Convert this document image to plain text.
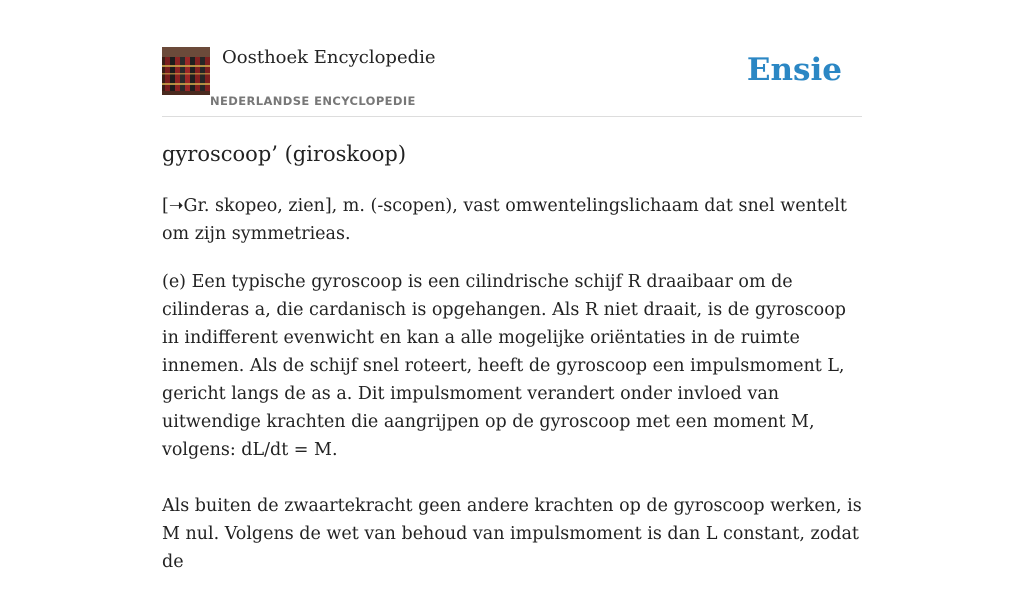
Oosthoek Encyclopedie
NEDERLANDSE ENCYCLOPEDIE
Ensie
gyroscoop’ (giroskoop)

[➝Gr. skopeo, zien], m. (-scopen), vast omwentelingslichaam dat snel wentelt om zijn symmetrieas.

(e) Een typische gyroscoop is een cilindrische schijf R draaibaar om de cilinderas a, die cardanisch is opgehangen. Als R niet draait, is de gyroscoop in indifferent evenwicht en kan a alle mogelijke oriëntaties in de ruimte innemen. Als de schijf snel roteert, heeft de gyroscoop een impulsmoment L, gericht langs de as a. Dit impulsmoment verandert onder invloed van uitwendige krachten die aangrijpen op de gyroscoop met een moment M, volgens: dL/dt = M.

Als buiten de zwaartekracht geen andere krachten op de gyroscoop werken, is M nul. Volgens de wet van behoud van impulsmoment is dan L constant, zodat de
